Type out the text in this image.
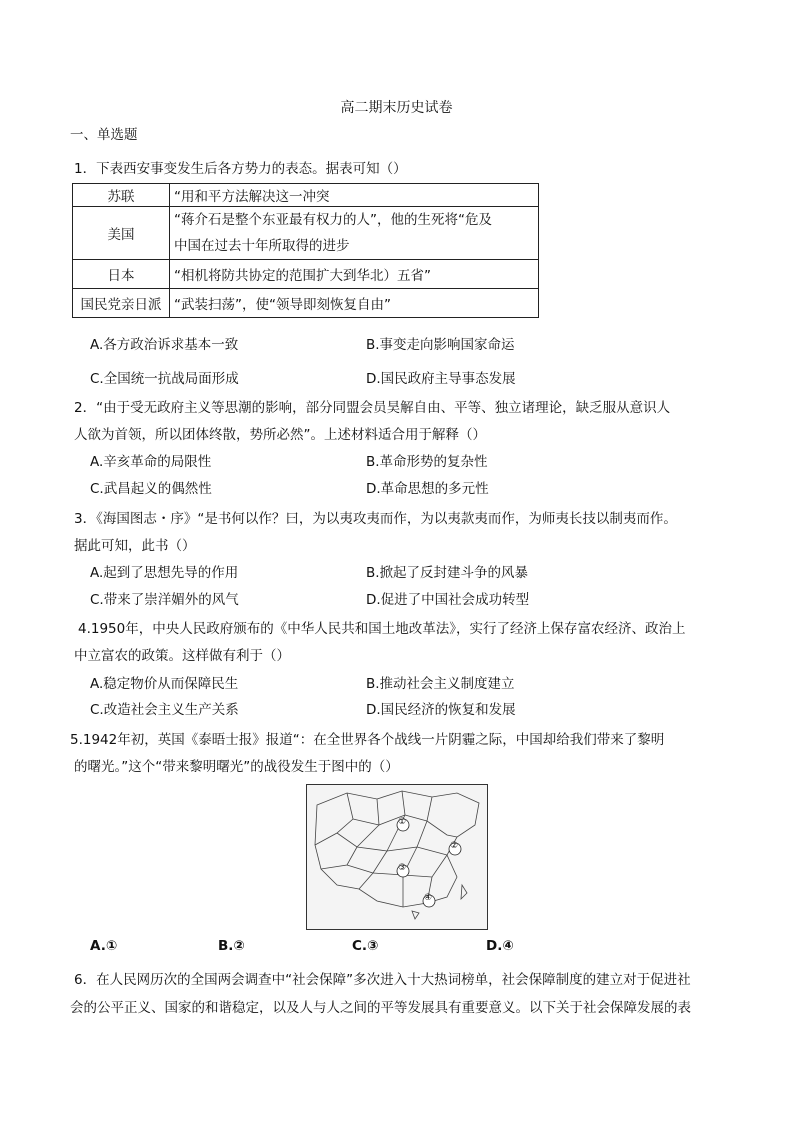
高二期末历史试卷
一、单选题
1．下表西安事变发生后各方势力的表态。据表可知（）
苏联	“用和平方法解决这一冲突
美国	“蒋介石是整个东亚最有权力的人”，他的生死将“危及
中国在过去十年所取得的进步

日本	“相机将防共协定的范围扩大到华北）五省”
国民党亲日派	“武装扫荡”，使“领导即刻恢复自由”
A.各方政治诉求基本一致	B.事变走向影响国家命运
C.全国统一抗战局面形成	D.国民政府主导事态发展
2．“由于受无政府主义等思潮的影响，部分同盟会员昊解自由、平等、独立诸理论，缺乏服从意识人
人欲为首领，所以团体终散，势所必然”。上述材料适合用于解释（）
A.辛亥革命的局限性	B.革命形势的复杂性
C.武昌起义的偶然性	D.革命思想的多元性
3．《海国图志・序》“是书何以作？曰，为以夷攻夷而作，为以夷款夷而作，为师夷长技以制夷而作。
据此可知，此书（）
A.起到了思想先导的作用	B.掀起了反封建斗争的风暴
C.带来了崇洋媚外的风气	D.促进了中国社会成功转型
4.1950年，中央人民政府颁布的《中华人民共和国土地改革法》，实行了经济上保存富农经济、政治上
中立富农的政策。这样做有利于（）
A.稳定物价从而保障民生	B.推动社会主义制度建立
C.改造社会主义生产关系	D.国民经济的恢复和发展
5.1942年初，英国《泰晤士报》报道“：在全世界各个战线一片阴霾之际，中国却给我们带来了黎明
的曙光。”这个“带来黎明曙光”的战役发生于图中的（）
①
②
③
④
A.①	B.②	C.③	D.④
6．在人民网历次的全国两会调查中“社会保障”多次进入十大热词榜单，社会保障制度的建立对于促进社
会的公平正义、国家的和谐稳定，以及人与人之间的平等发展具有重要意义。以下关于社会保障发展的表
